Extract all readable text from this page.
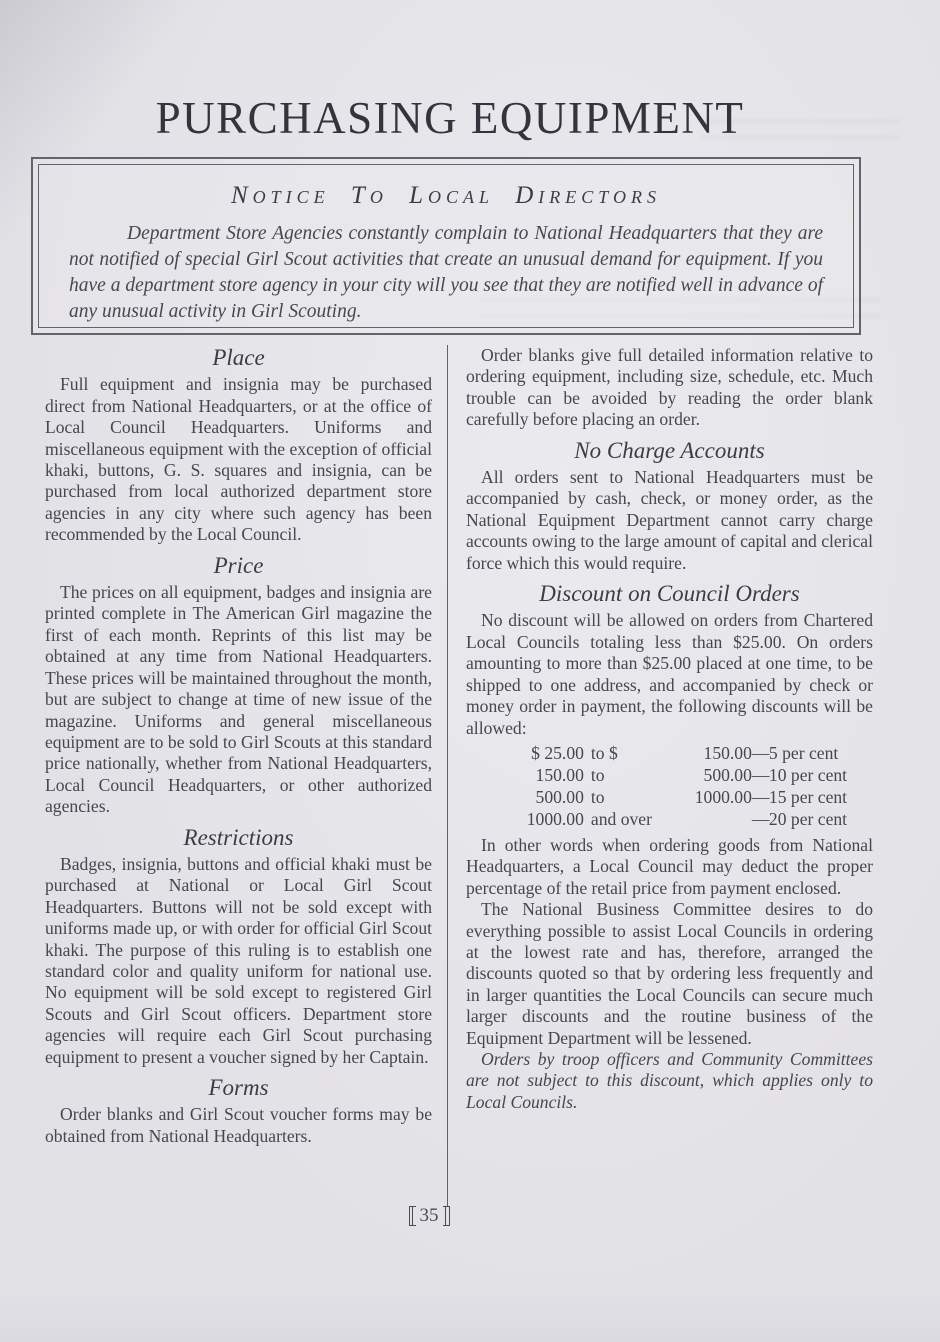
PURCHASING EQUIPMENT
Notice To Local Directors

Department Store Agencies constantly complain to National Headquarters that they are not notified of special Girl Scout activities that create an unusual demand for equipment. If you have a department store agency in your city will you see that they are notified well in advance of any unusual activity in Girl Scouting.

Place

Full equipment and insignia may be purchased direct from National Headquarters, or at the office of Local Council Headquarters. Uniforms and miscellaneous equipment with the exception of official khaki, buttons, G. S. squares and insignia, can be purchased from local authorized department store agencies in any city where such agency has been recommended by the Local Council.

Price

The prices on all equipment, badges and insignia are printed complete in The American Girl magazine the first of each month. Reprints of this list may be obtained at any time from National Headquarters. These prices will be maintained throughout the month, but are subject to change at time of new issue of the magazine. Uniforms and general miscellaneous equipment are to be sold to Girl Scouts at this standard price nationally, whether from National Headquarters, Local Council Headquarters, or other authorized agencies.

Restrictions

Badges, insignia, buttons and official khaki must be purchased at National or Local Girl Scout Headquarters. Buttons will not be sold except with uniforms made up, or with order for official Girl Scout khaki. The purpose of this ruling is to establish one standard color and quality uniform for national use. No equipment will be sold except to registered Girl Scouts and Girl Scout officers. Department store agencies will require each Girl Scout purchasing equipment to present a voucher signed by her Captain.

Forms

Order blanks and Girl Scout voucher forms may be obtained from National Headquarters.

Order blanks give full detailed information relative to ordering equipment, including size, schedule, etc. Much trouble can be avoided by reading the order blank carefully before placing an order.

No Charge Accounts

All orders sent to National Headquarters must be accompanied by cash, check, or money order, as the National Equipment Department cannot carry charge accounts owing to the large amount of capital and clerical force which this would require.

Discount on Council Orders

No discount will be allowed on orders from Chartered Local Councils totaling less than $25.00. On orders amounting to more than $25.00 placed at one time, to be shipped to one address, and accompanied by check or money order in payment, the following discounts will be allowed:

$ 25.00 to $	150.00 — 5 per cent
150.00 to	500.00 — 10 per cent
500.00 to	1000.00 — 15 per cent
1000.00 and over	— 20 per cent

In other words when ordering goods from National Headquarters, a Local Council may deduct the proper percentage of the retail price from payment enclosed.

The National Business Committee desires to do everything possible to assist Local Councils in ordering at the lowest rate and has, therefore, arranged the discounts quoted so that by ordering less frequently and in larger quantities the Local Councils can secure much larger discounts and the routine business of the Equipment Department will be lessened.

Orders by troop officers and Community Committees are not subject to this discount, which applies only to Local Councils.

35
